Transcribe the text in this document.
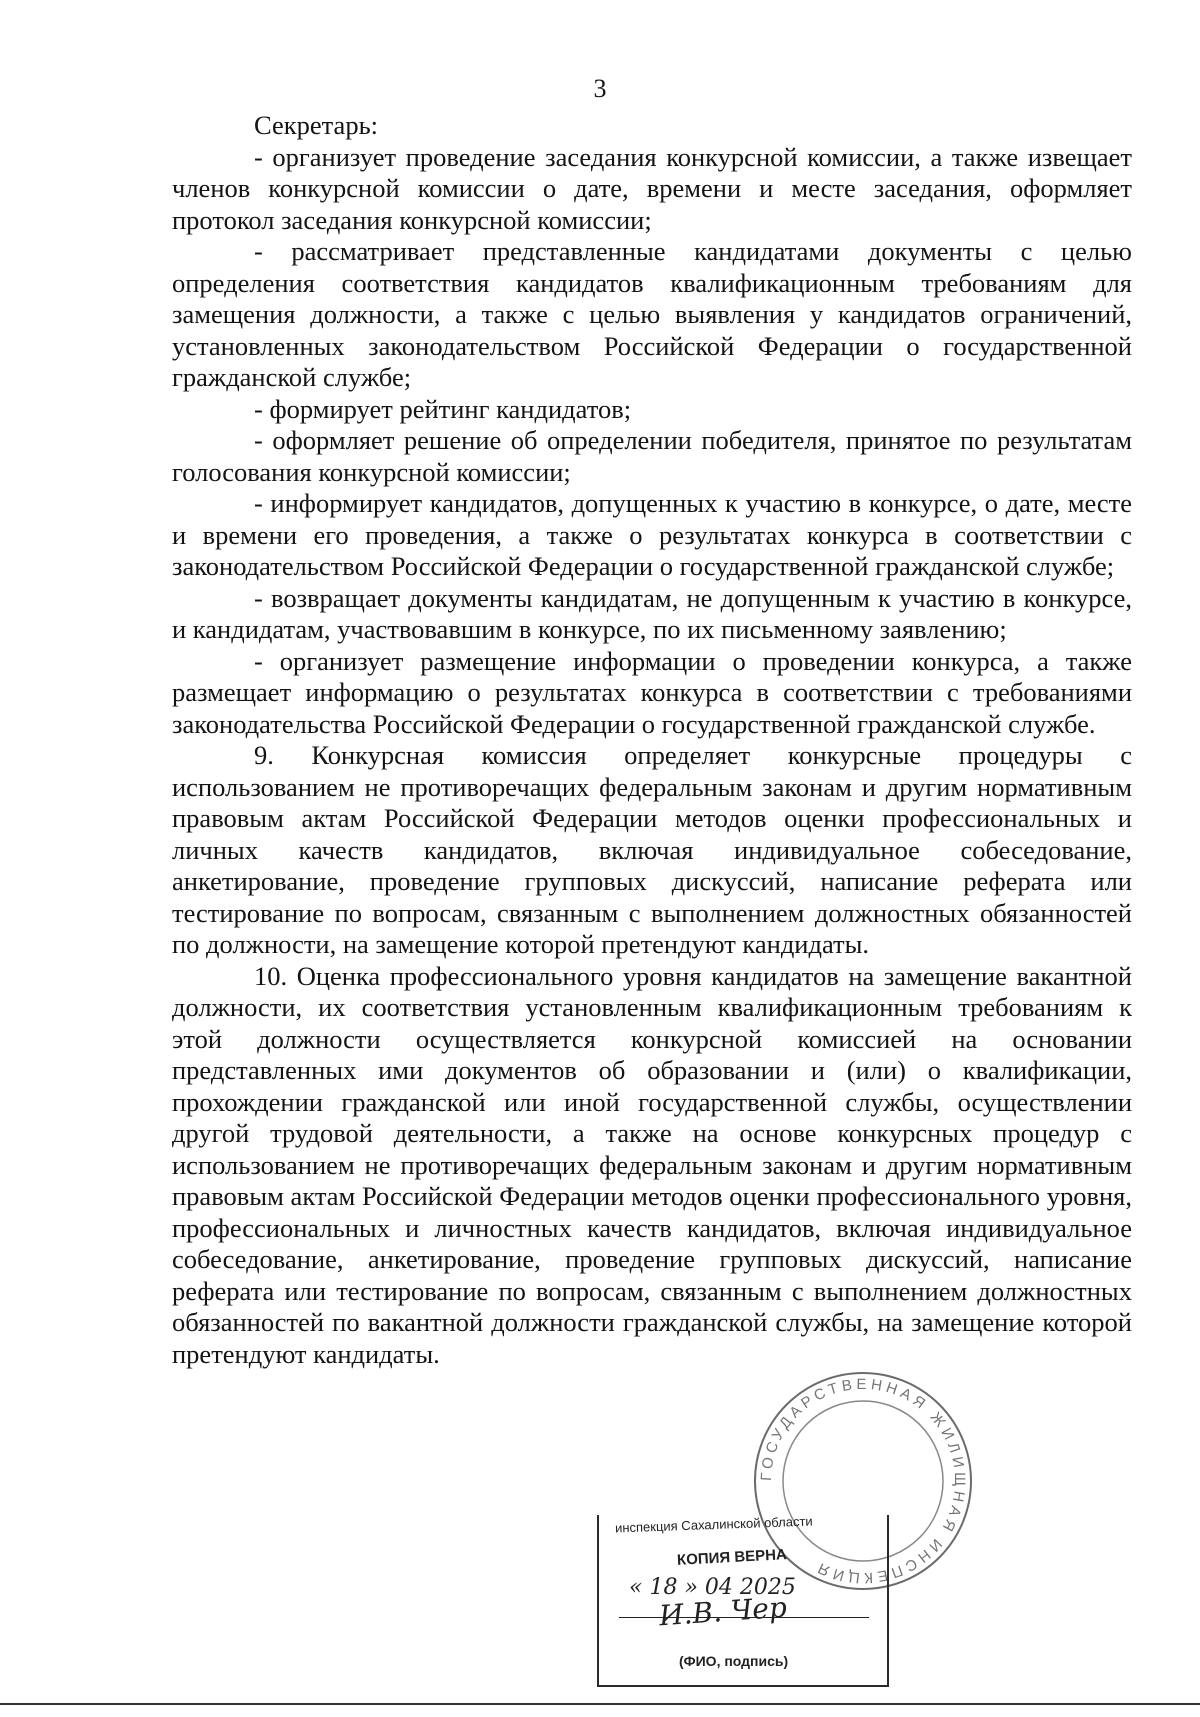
3

Секретарь:

- организует проведение заседания конкурсной комиссии, а также извещает членов конкурсной комиссии о дате, времени и месте заседания, оформляет протокол заседания конкурсной комиссии;

- рассматривает представленные кандидатами документы с целью определения соответствия кандидатов квалификационным требованиям для замещения должности, а также с целью выявления у кандидатов ограничений, установленных законодательством Российской Федерации о государственной гражданской службе;

- формирует рейтинг кандидатов;

- оформляет решение об определении победителя, принятое по результатам голосования конкурсной комиссии;

- информирует кандидатов, допущенных к участию в конкурсе, о дате, месте и времени его проведения, а также о результатах конкурса в соответствии с законодательством Российской Федерации о государственной гражданской службе;

- возвращает документы кандидатам, не допущенным к участию в конкурсе, и кандидатам, участвовавшим в конкурсе, по их письменному заявлению;

- организует размещение информации о проведении конкурса, а также размещает информацию о результатах конкурса в соответствии с требованиями законодательства Российской Федерации о государственной гражданской службе.

9. Конкурсная комиссия определяет конкурсные процедуры с использованием не противоречащих федеральным законам и другим нормативным правовым актам Российской Федерации методов оценки профессиональных и личных качеств кандидатов, включая индивидуальное собеседование, анкетирование, проведение групповых дискуссий, написание реферата или тестирование по вопросам, связанным с выполнением должностных обязанностей по должности, на замещение которой претендуют кандидаты.

10. Оценка профессионального уровня кандидатов на замещение вакантной должности, их соответствия установленным квалификационным требованиям к этой должности осуществляется конкурсной комиссией на основании представленных ими документов об образовании и (или) о квалификации, прохождении гражданской или иной государственной службы, осуществлении другой трудовой деятельности, а также на основе конкурсных процедур с использованием не противоречащих федеральным законам и другим нормативным правовым актам Российской Федерации методов оценки профессионального уровня, профессиональных и личностных качеств кандидатов, включая индивидуальное собеседование, анкетирование, проведение групповых дискуссий, написание реферата или тестирование по вопросам, связанным с выполнением должностных обязанностей по вакантной должности гражданской службы, на замещение которой претендуют кандидаты.

ГОСУДАРСТВЕННАЯ ЖИЛИЩНАЯ ИНСПЕКЦИЯ
инспекция Сахалинской области
КОПИЯ ВЕРНА
« 18 » 04 2025
И.В. Чер
(ФИО, подпись)
